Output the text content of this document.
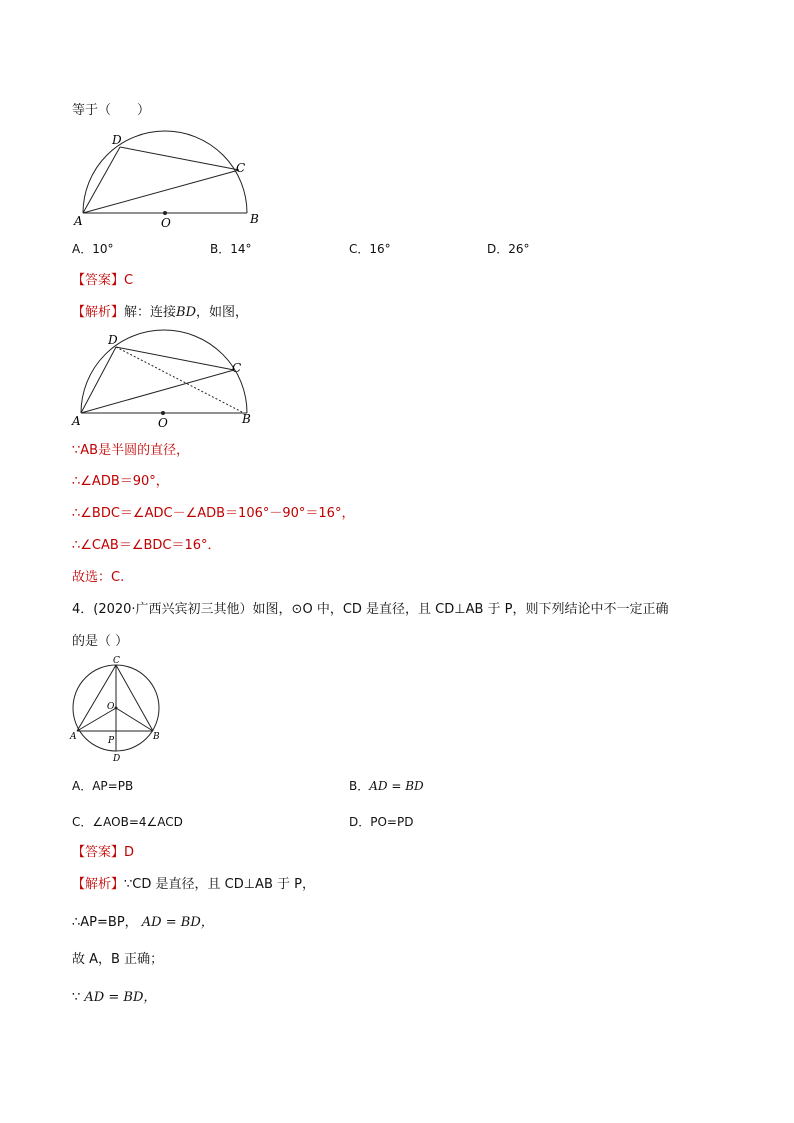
等于（　　）
A	B
C
D
O
A．10°	B．14°	C．16°	D．26°
【答案】C
【解析】解：连接BD，如图，
A	B
C
D
O
∵AB是半圆的直径，
∴∠ADB＝90°，
∴∠BDC＝∠ADC－∠ADB＝106°－90°＝16°，
∴∠CAB＝∠BDC＝16°．
故选：C.
4．(2020·广西兴宾初三其他）如图，⊙O 中，CD 是直径，且 CD⊥AB 于 P，则下列结论中不一定正确
的是（ ）
A	B
C
D
O
P
A．AP=PB	B．AD = BD
C．∠AOB=4∠ACD	D．PO=PD
【答案】D
【解析】∵CD 是直径，且 CD⊥AB 于 P，
∴AP=BP， AD = BD，
故 A，B 正确；
∵ AD = BD，
